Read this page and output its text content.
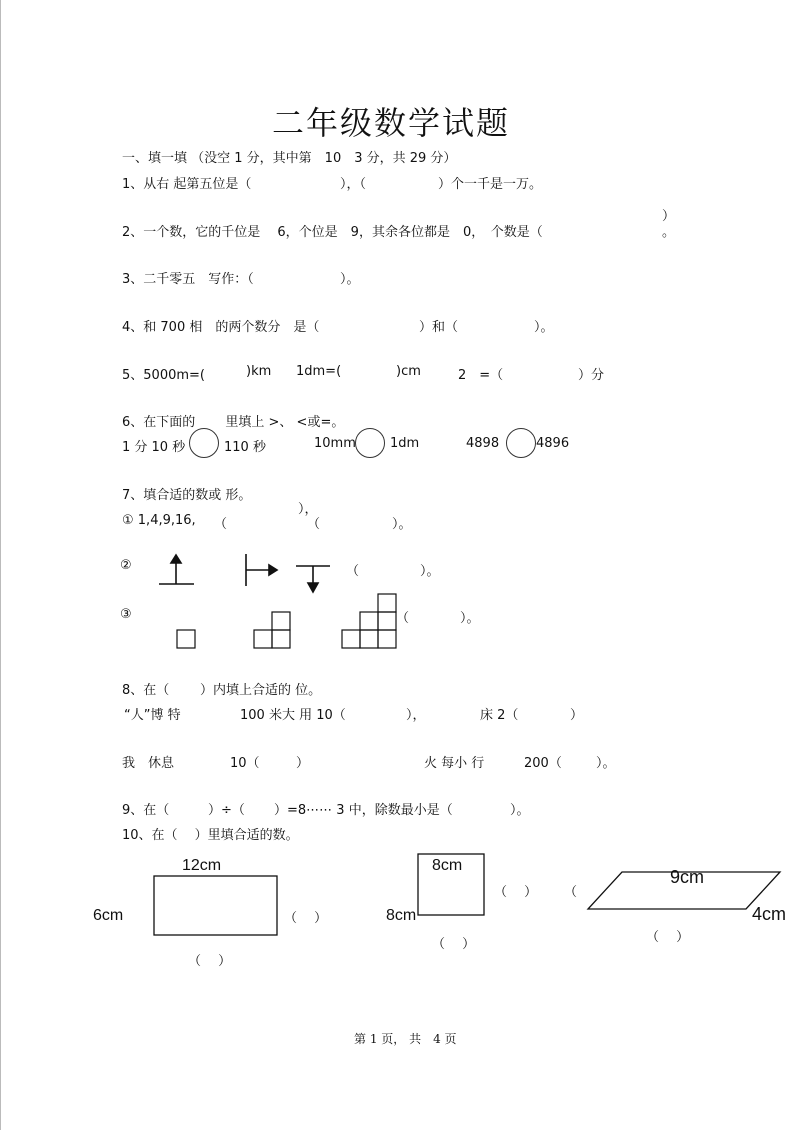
二年级数学试题
一、填一填 （没空 1 分，其中第　10　3 分，共 29 分）
1、从右 起第五位是（	），（	）个一千是一万。
2、一个数，它的千位是　 6，个位是　9，其余各位都是　0，　个数是（
）
。
3、二千零五　写作：（	）。
4、和 700 相　的两个数分　是（	）和（	）。
5、5000m=(	)km 1dm=(	)cm	2　=（	）分
6、在下面的　　 里填上 >、 <或=。
1 分 10 秒	110 秒	10mm	1dm	4898	4896
7、填合适的数或 形。
① 1,4,9,16, （
），
（	）。
②	（	）。
③	（	）。
8、在（ ）内填上合适的 位。
“人”博 特	100 米大 用 10（	），	床 2（	）
我　休息	10（	）	火 每小 行	200（	）。
9、在（	）÷（ ）=8⋯⋯ 3 中，除数最小是（	）。
10、在（　 ）里填合适的数。
12cm
6cm	（　 ）
（　 ）
8cm
8cm
（　 ） （
（　 ）
9cm
4cm
（　 ）
第 1 页， 共　4 页
